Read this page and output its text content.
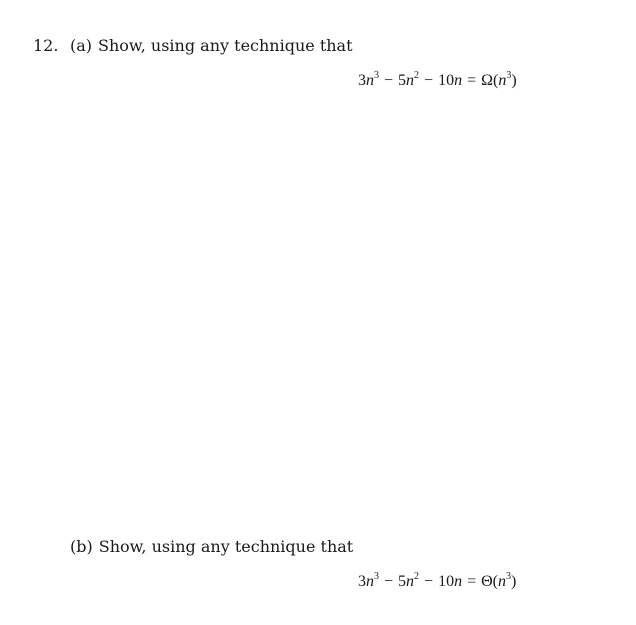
12. (a) Show, using any technique that
$3n^3 - 5n^2 - 10n = \Omega(n^3)$
(b) Show, using any technique that
$3n^3 - 5n^2 - 10n = \Theta(n^3)$
